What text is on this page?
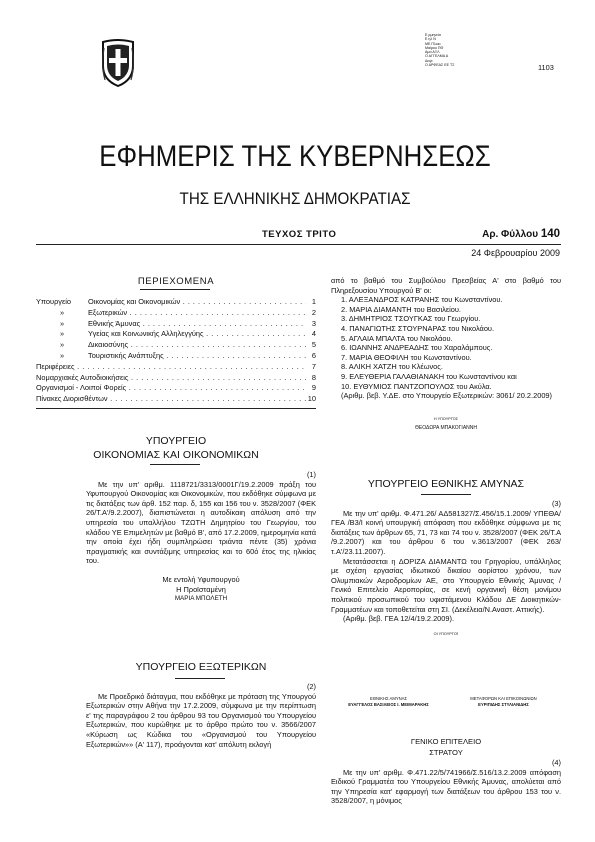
Ε ρμηνεία
Ε ηλ Ν
ΜΕ Πλοιο
Μαίρου ΠΘ
Αμα ΑΞΛ
Ο ΑΓΓΕΛΜΑ Α
Δεψι
Ο ΑΡΦΕΑΣ ΕΕ ΤΣ	1103
ΕΦΗΜΕΡΙΣ ΤΗΣ ΚΥΒΕΡΝΗΣΕΩΣ
ΤΗΣ ΕΛΛΗΝΙΚΗΣ ΔΗΜΟΚΡΑΤΙΑΣ
ΤΕΥΧΟΣ ΤΡΙΤΟ	Αρ. Φύλλου 140
24 Φεβρουαρίου 2009
ΠΕΡΙΕΧΟΜΕΝΑ
Υπουργείο	Οικονομίας και Οικονομικών . . .	1
»	Εξωτερικών . . .	2
»	Εθνικής Άμυνας . . .	3
»	Υγείας και Κοινωνικής Αλληλεγγύης . . .	4
»	Δικαιοσύνης . . .	5
»	Τουριστικής Ανάπτυξης . . .	6
Περιφέρειες . . .	7
Νομαρχιακές Αυτοδιοικήσεις . . .	8
Οργανισμοί - Λοιποί Φορείς . . .	9
Πίνακες Διορισθέντων . . .	10
ΥΠΟΥΡΓΕΙΟ
ΟΙΚΟΝΟΜΙΑΣ ΚΑΙ ΟΙΚΟΝΟΜΙΚΩΝ

(1)

Με την υπ' αριθμ. 1118721/3313/0001Γ/19.2.2009 πράξη του Υφυπουργού Οικονομίας και Οικονομικών, που εκδόθηκε σύμφωνα με τις διατάξεις των άρθ. 152 παρ. δ, 155 και 156 του ν. 3528/2007 (ΦΕΚ 26/Τ.Α'/9.2.2007), διαπιστώνεται η αυτοδίκαιη απόλυση από την υπηρεσία του υπαλλήλου ΤΖΩΤΗ Δημητρίου του Γεωργίου, του κλάδου ΥΕ Επιμελητών με βαθμό Β', από 17.2.2009, ημερομηνία κατά την οποία έχει ήδη συμπληρώσει τριάντα πέντε (35) χρόνια πραγματικής και συντάξιμης υπηρεσίας και το 60ό έτος της ηλικίας του.

Με εντολή Υφυπουργού

Η Προϊσταμένη

ΜΑΡΙΑ ΜΠΟΛΕΤΗ

ΥΠΟΥΡΓΕΙΟ ΕΞΩΤΕΡΙΚΩΝ

(2)

Με Προεδρικό διάταγμα, που εκδόθηκε με πρόταση της Υπουργού Εξωτερικών στην Αθήνα την 17.2.2009, σύμφωνα με την περίπτωση ε' της παραγράφου 2 του άρθρου 93 του Οργανισμού του Υπουργείου Εξωτερικών, που κυρώθηκε με το άρθρο πρώτο του ν. 3566/2007 «Κύρωση ως Κώδικα του «Οργανισμού του Υπουργείου Εξωτερικών»» (Α' 117), προάγονται κατ' απόλυτη εκλογή

από το βαθμό του Συμβούλου Πρεσβείας Α' στο βαθμό του Πληρεξουσίου Υπουργού Β' οι:

1. ΑΛΕΞΑΝΔΡΟΣ ΚΑΤΡΑΝΗΣ του Κωνσταντίνου.

2. ΜΑΡΙΑ ΔΙΑΜΑΝΤΗ του Βασιλείου.

3. ΔΗΜΗΤΡΙΟΣ ΤΣΟΥΓΚΑΣ του Γεωργίου.

4. ΠΑΝΑΓΙΩΤΗΣ ΣΤΟΥΡΝΑΡΑΣ του Νικολάου.

5. ΑΓΛΑΙΑ ΜΠΑΛΤΑ του Νικολάου.

6. ΙΩΑΝΝΗΣ ΑΝΔΡΕΑΔΗΣ του Χαραλάμπους.

7. ΜΑΡΙΑ ΘΕΟΦΙΛΗ του Κωνσταντίνου.

8. ΑΛΙΚΗ ΧΑΤΖΗ του Κλέωνος.

9. ΕΛΕΥΘΕΡΙΑ ΓΑΛΑΘΙΑΝΑΚΗ του Κωνσταντίνου και

10. ΕΥΘΥΜΙΟΣ ΠΑΝΤΖΟΠΟΥΛΟΣ του Ακύλα.

(Αριθμ. βεβ. Υ.ΔΕ. στο Υπουργείο Εξωτερικών: 3061/ 20.2.2009)

Η ΥΠΟΥΡΓΌΣ

ΘΕΟΔΩΡΑ ΜΠΑΚΟΓΙΑΝΝΗ

ΥΠΟΥΡΓΕΙΟ ΕΘΝΙΚΗΣ ΑΜΥΝΑΣ

(3)

Με την υπ' αριθμ. Φ.471.26/ ΑΔ581327/Σ.456/15.1.2009/ ΥΠΕΘΑ/ΓΕΑ /Β3/Ι κοινή υπουργική απόφαση που εκδόθηκε σύμφωνα με τις διατάξεις των άρθρων 65, 71, 73 και 74 του ν. 3528/2007 (ΦΕΚ 26/Τ.Α /9.2.2007) και του άρθρου 6 του ν.3613/2007 (ΦΕΚ 263/τ.Α'/23.11.2007).

Μετατάσσεται η ΔΟΡΙΖΑ ΔΙΑΜΑΝΤΩ του Γρηγορίου, υπάλληλος με σχέση εργασίας ιδιωτικού δικαίου αορίστου χρόνου, των Ολυμπιακών Αεροδρομίων ΑΕ, στο Υπουργείο Εθνικής Άμυνας / Γενικό Επιτελείο Αεροπορίας, σε κενή οργανική θέση μονίμου πολιτικού προσωπικού του υφιστάμενου Κλάδου ΔΕ Διοικητικών-Γραμματέων και τοποθετείται στη ΣΙ. (Δεκέλεια/Ν.Αναστ. Αττικής).

(Αριθμ. βεβ. ΓΕΑ 12/4/19.2.2009).

ΟΙ ΥΠΟΥΡΓΟΊ

ΕΘΝΙΚΗΣ ΑΜΥΝΑΣ

ΕΥΑΓΓΕΛΟΣ ΒΑΣΙΛΕΙΟΣ Ι. ΜΕΙΜΑΡΑΚΗΣ

ΜΕΤΑΦΟΡΩΝ ΚΑΙ ΕΠΙΚΟΙΝΩΝΙΩΝ

ΕΥΡΙΠΙΔΗΣ ΣΤΥΛΙΑΝΙΔΗΣ

ΓΕΝΙΚΟ ΕΠΙΤΕΛΕΙΟ

ΣΤΡΑΤΟΥ

(4)

Με την υπ' αριθμ. Φ.471.22/5/741966/Σ.516/13.2.2009 απόφαση Ειδικού Γραμματέα του Υπουργείου Εθνικής Άμυνας, απολύεται από την Υπηρεσία κατ' εφαρμογή των διατάξεων του άρθρου 153 του ν. 3528/2007, η μόνιμος
